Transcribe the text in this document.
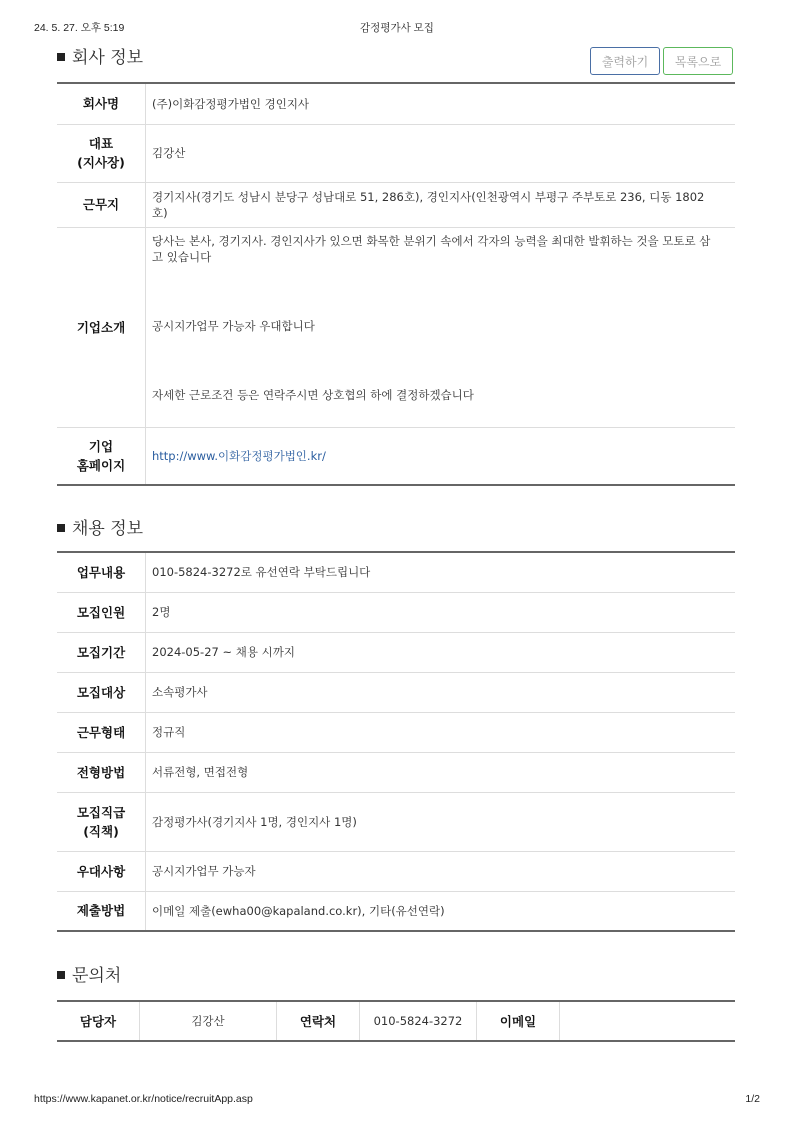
24. 5. 27. 오후 5:19	감정평가사 모집
회사 정보	출력하기	목록으로
회사명	(주)이화감정평가법인 경인지사
대표
(지사장)	김강산
근무지	경기지사(경기도 성남시 분당구 성남대로 51, 286호), 경인지사(인천광역시 부평구 주부토로 236, 디동 1802호)
기업소개	당사는 본사, 경기지사. 경인지사가 있으면 화목한 분위기 속에서 각자의 능력을 최대한 발휘하는 것을 모토로 삼고 있습니다

공시지가업무 가능자 우대합니다

자세한 근로조건 등은 연락주시면 상호협의 하에 결정하겠습니다

기업
홈페이지	http://www.이화감정평가법인.kr/
채용 정보
업무내용	010-5824-3272로 유선연락 부탁드립니다
모집인원	2명
모집기간	2024-05-27 ~ 채용 시까지
모집대상	소속평가사
근무형태	정규직
전형방법	서류전형, 면접전형
모집직급
(직책)	감정평가사(경기지사 1명, 경인지사 1명)
우대사항	공시지가업무 가능자
제출방법	이메일 제출(ewha00@kapaland.co.kr), 기타(유선연락)
문의처
담당자	김강산	연락처	010-5824-3272	이메일	
https://www.kapanet.or.kr/notice/recruitApp.asp	1/2
